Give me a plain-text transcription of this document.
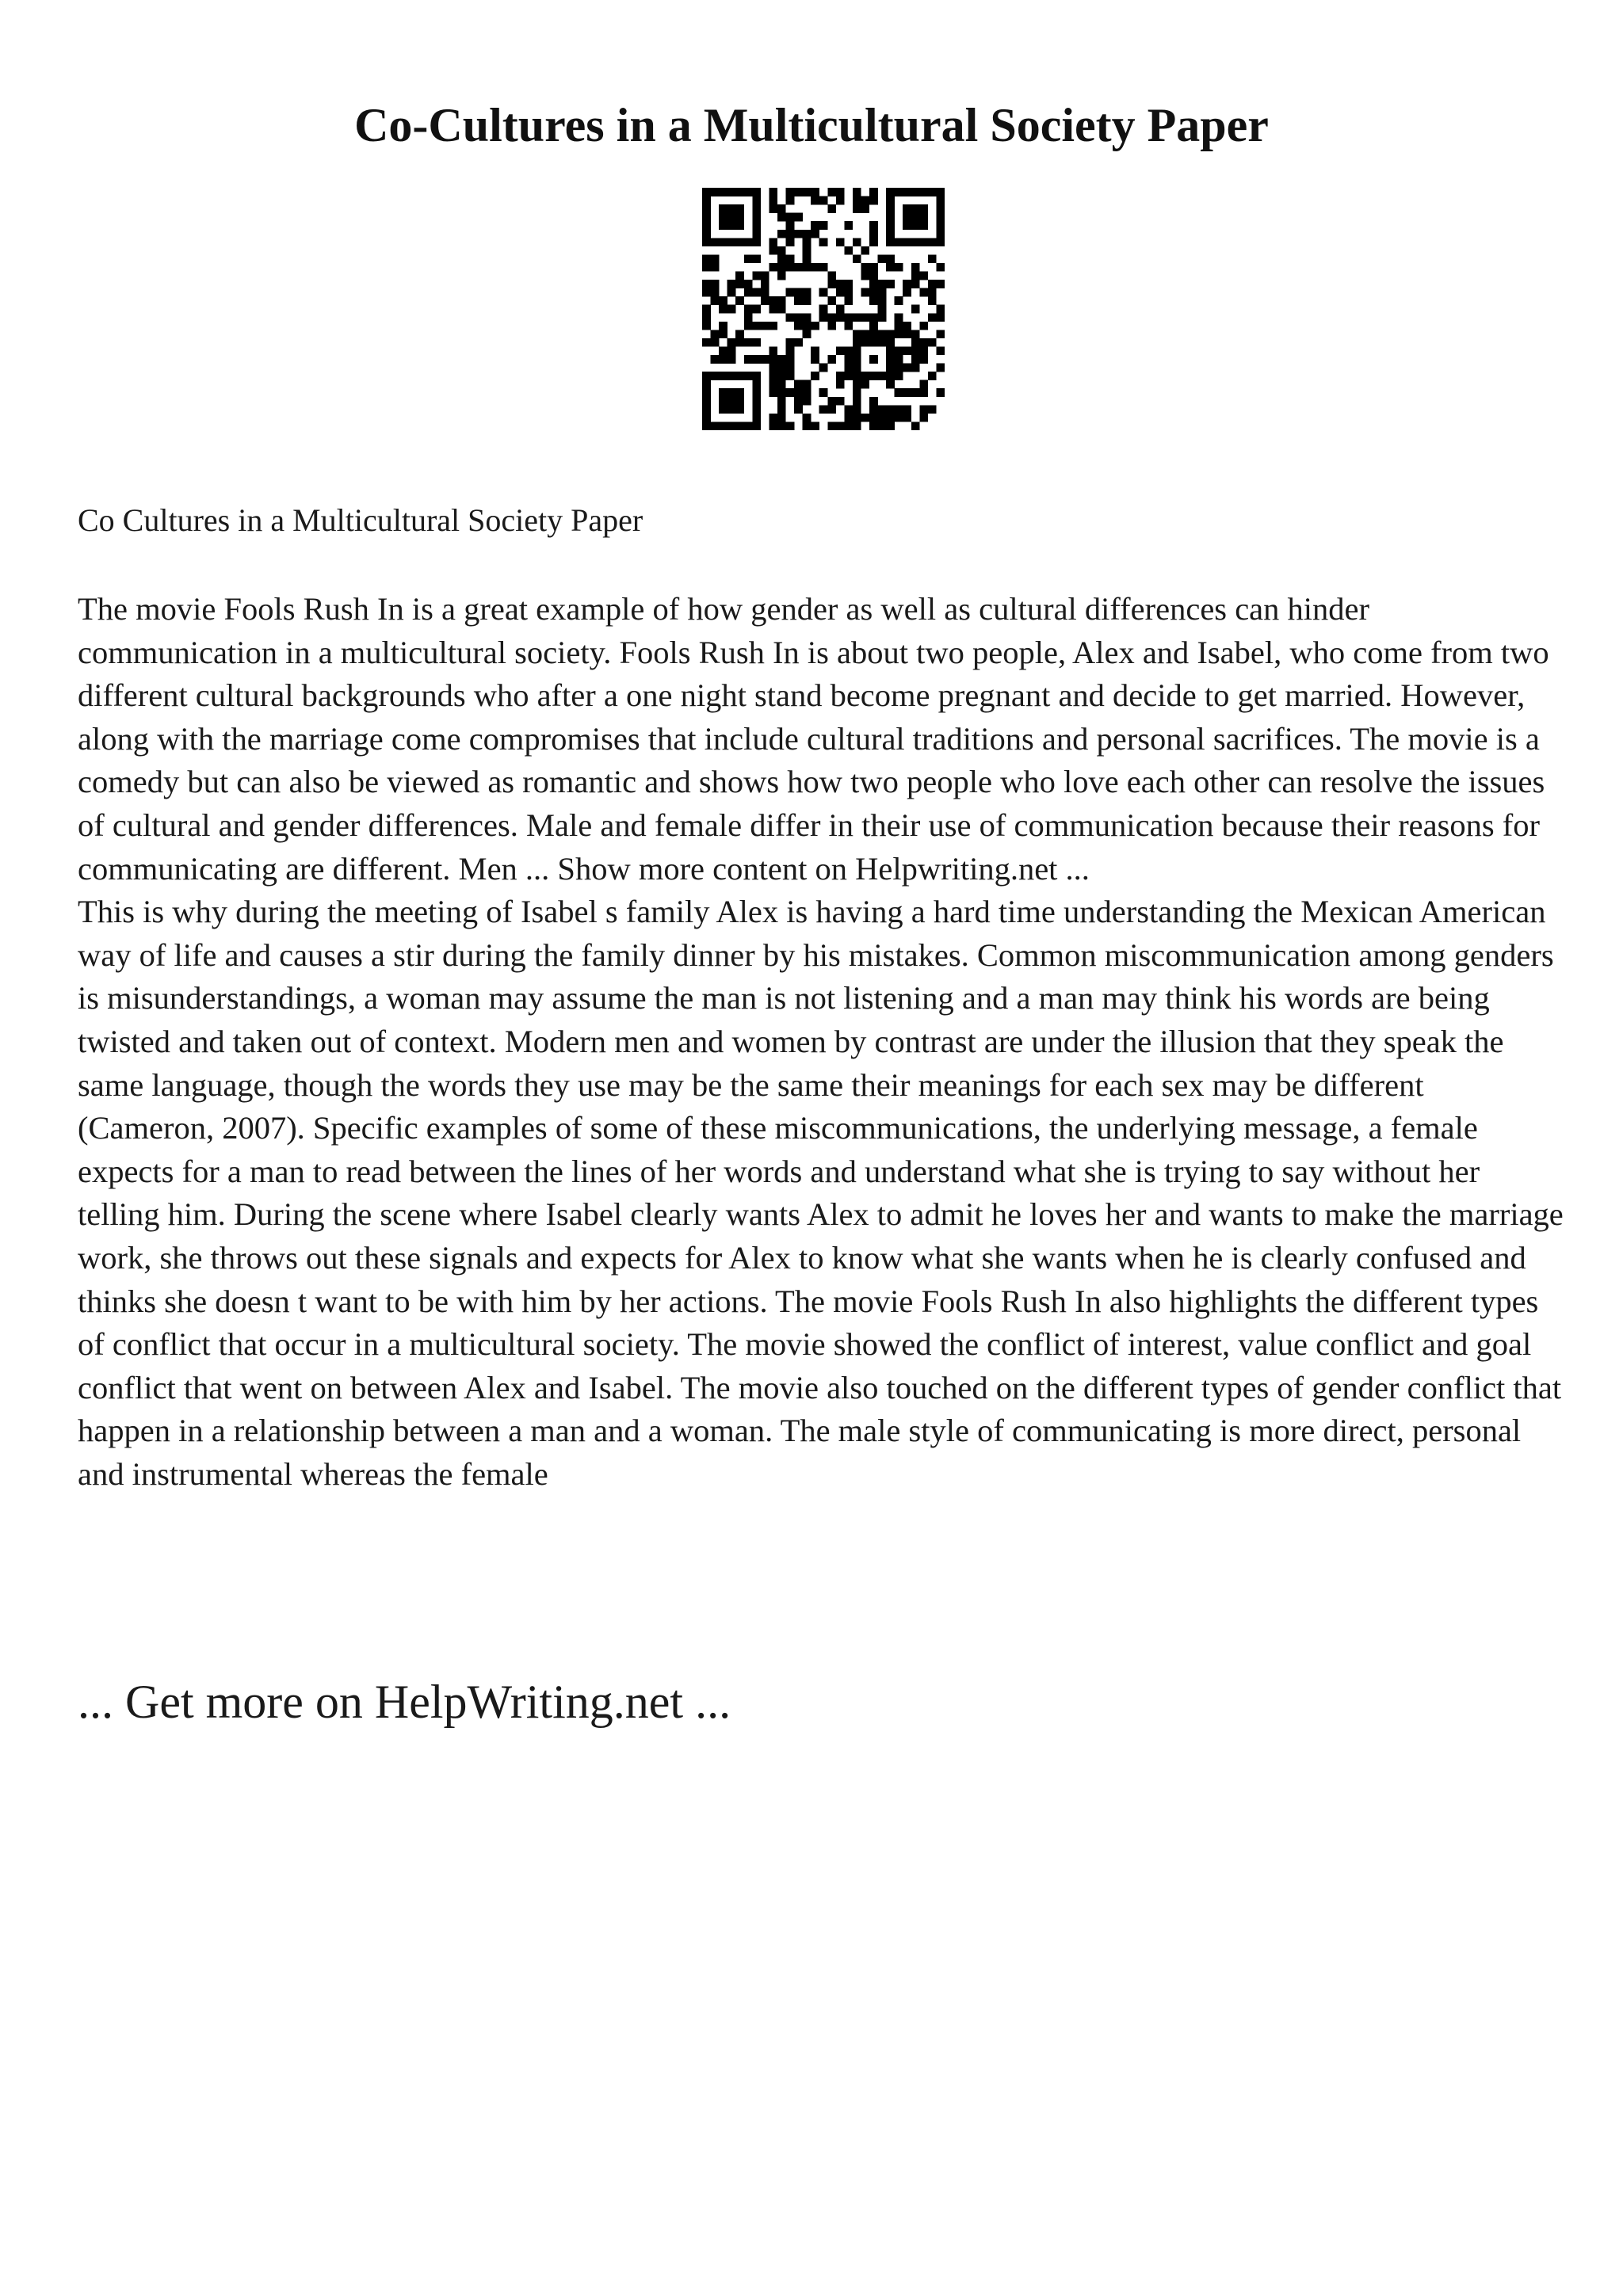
Co-Cultures in a Multicultural Society Paper

Co Cultures in a Multicultural Society Paper

The movie Fools Rush In is a great example of how gender as well as cultural differences can hinder communication in a multicultural society. Fools Rush In is about two people, Alex and Isabel, who come from two different cultural backgrounds who after a one night stand become pregnant and decide to get married. However, along with the marriage come compromises that include cultural traditions and personal sacrifices. The movie is a comedy but can also be viewed as romantic and shows how two people who love each other can resolve the issues of cultural and gender differences. Male and female differ in their use of communication because their reasons for communicating are different. Men ... Show more content on Helpwriting.net ...

This is why during the meeting of Isabel s family Alex is having a hard time understanding the Mexican American way of life and causes a stir during the family dinner by his mistakes. Common miscommunication among genders is misunderstandings, a woman may assume the man is not listening and a man may think his words are being twisted and taken out of context. Modern men and women by contrast are under the illusion that they speak the same language, though the words they use may be the same their meanings for each sex may be different (Cameron, 2007). Specific examples of some of these miscommunications, the underlying message, a female expects for a man to read between the lines of her words and understand what she is trying to say without her telling him. During the scene where Isabel clearly wants Alex to admit he loves her and wants to make the marriage work, she throws out these signals and expects for Alex to know what she wants when he is clearly confused and thinks she doesn t want to be with him by her actions. The movie Fools Rush In also highlights the different types of conflict that occur in a multicultural society. The movie showed the conflict of interest, value conflict and goal conflict that went on between Alex and Isabel. The movie also touched on the different types of gender conflict that happen in a relationship between a man and a woman. The male style of communicating is more direct, personal and instrumental whereas the female

... Get more on HelpWriting.net ...
